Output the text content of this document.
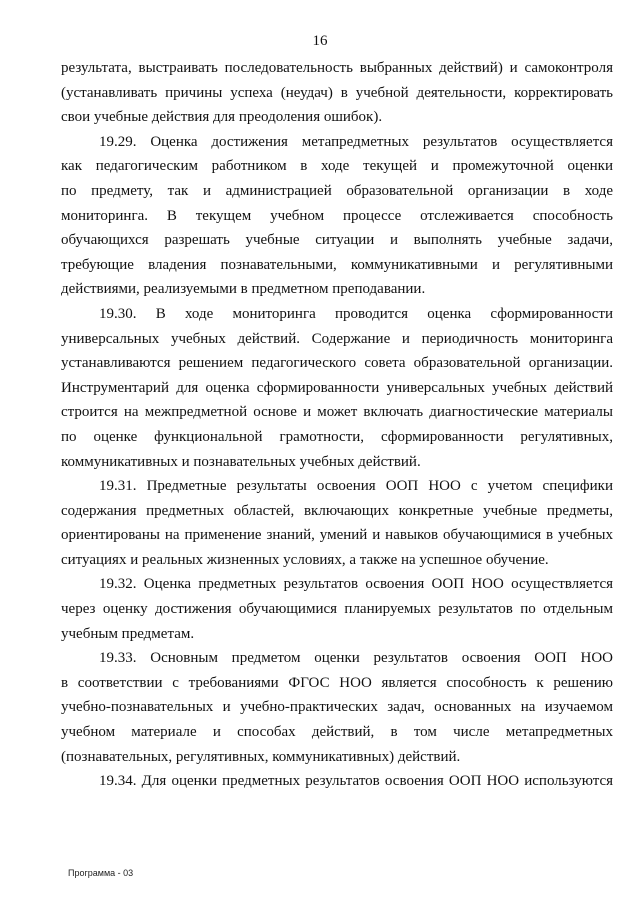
16
результата, выстраивать последовательность выбранных действий) и самоконтроля
(устанавливать причины успеха (неудач) в учебной деятельности, корректировать
свои учебные действия для преодоления ошибок).
19.29. Оценка достижения метапредметных результатов осуществляется
как педагогическим работником в ходе текущей и промежуточной оценки
по предмету, так и администрацией образовательной организации в ходе
мониторинга. В текущем учебном процессе отслеживается способность
обучающихся разрешать учебные ситуации и выполнять учебные задачи,
требующие владения познавательными, коммуникативными и регулятивными
действиями, реализуемыми в предметном преподавании.
19.30. В ходе мониторинга проводится оценка сформированности
универсальных учебных действий. Содержание и периодичность мониторинга
устанавливаются решением педагогического совета образовательной организации.
Инструментарий для оценка сформированности универсальных учебных действий
строится на межпредметной основе и может включать диагностические материалы
по оценке функциональной грамотности, сформированности регулятивных,
коммуникативных и познавательных учебных действий.
19.31. Предметные результаты освоения ООП НОО с учетом специфики
содержания предметных областей, включающих конкретные учебные предметы,
ориентированы на применение знаний, умений и навыков обучающимися в учебных
ситуациях и реальных жизненных условиях, а также на успешное обучение.
19.32. Оценка предметных результатов освоения ООП НОО осуществляется
через оценку достижения обучающимися планируемых результатов по отдельным
учебным предметам.
19.33. Основным предметом оценки результатов освоения ООП НОО
в соответствии с требованиями ФГОС НОО является способность к решению
учебно-познавательных и учебно-практических задач, основанных на изучаемом
учебном материале и способах действий, в том числе метапредметных
(познавательных, регулятивных, коммуникативных) действий.
19.34. Для оценки предметных результатов освоения ООП НОО используются
Программа - 03
